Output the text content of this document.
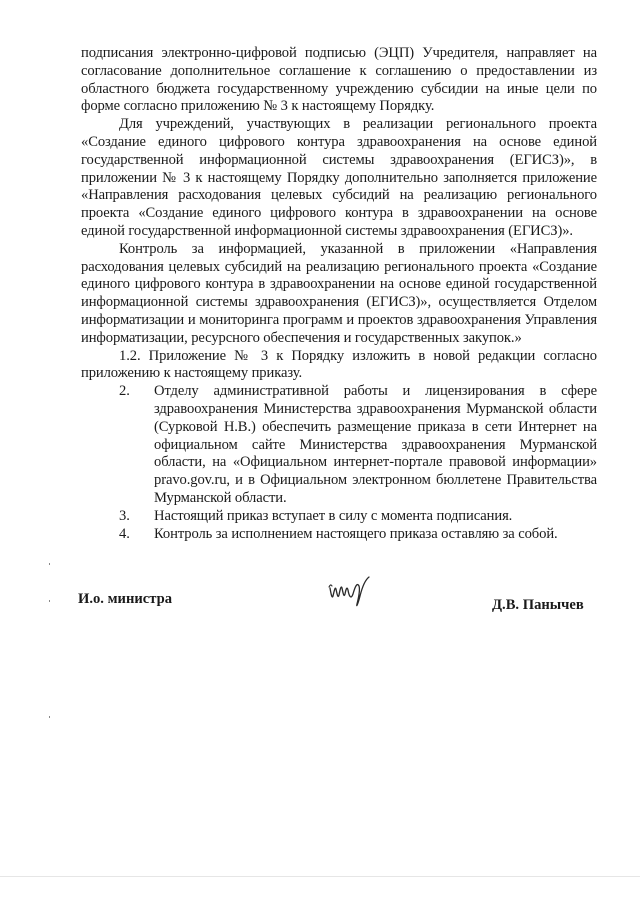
подписания электронно-цифровой подписью (ЭЦП) Учредителя, направляет на согласование дополнительное соглашение к соглашению о предоставлении из областного бюджета государственному учреждению субсидии на иные цели по форме согласно приложению № 3 к настоящему Порядку.

Для учреждений, участвующих в реализации регионального проекта «Создание единого цифрового контура здравоохранения на основе единой государственной информационной системы здравоохранения (ЕГИСЗ)», в приложении № 3 к настоящему Порядку дополнительно заполняется приложение «Направления расходования целевых субсидий на реализацию регионального проекта «Создание единого цифрового контура в здравоохранении на основе единой государственной информационной системы здравоохранения (ЕГИСЗ)».

Контроль за информацией, указанной в приложении «Направления расходования целевых субсидий на реализацию регионального проекта «Создание единого цифрового контура в здравоохранении на основе единой государственной информационной системы здравоохранения (ЕГИСЗ)», осуществляется Отделом информатизации и мониторинга программ и проектов здравоохранения Управления информатизации, ресурсного обеспечения и государственных закупок.»

1.2. Приложение № 3 к Порядку изложить в новой редакции согласно приложению к настоящему приказу.

2.	Отделу административной работы и лицензирования в сфере здравоохранения Министерства здравоохранения Мурманской области (Сурковой Н.В.) обеспечить размещение приказа в сети Интернет на официальном сайте Министерства здравоохранения Мурманской области, на «Официальном интернет-портале правовой информации» pravo.gov.ru, и в Официальном электронном бюллетене Правительства Мурманской области.
3.	Настоящий приказ вступает в силу с момента подписания.
4.	Контроль за исполнением настоящего приказа оставляю за собой.
И.о. министра	Д.В. Панычев
